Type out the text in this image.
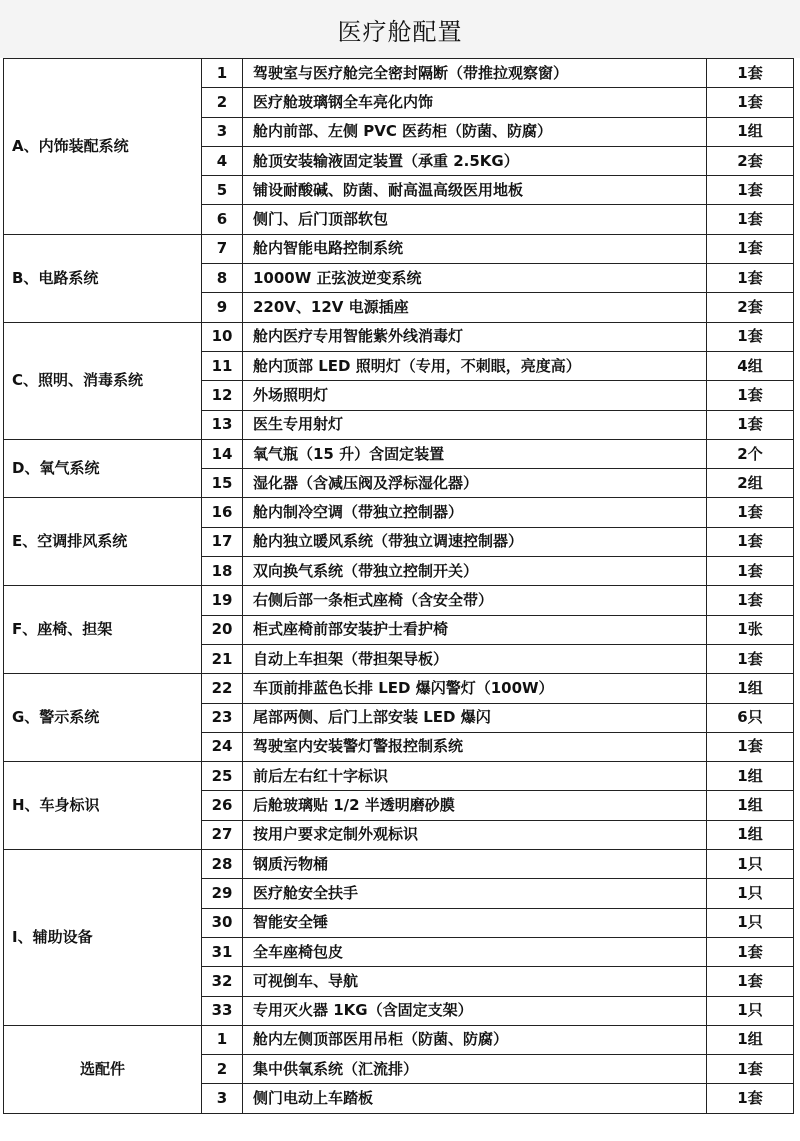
医疗舱配置
A、内饰装配系统	1	驾驶室与医疗舱完全密封隔断（带推拉观察窗）	1套
	2	医疗舱玻璃钢全车亮化内饰	1套
	3	舱内前部、左侧 PVC 医药柜（防菌、防腐）	1组
	4	舱顶安装输液固定装置（承重 2.5KG）	2套
	5	铺设耐酸碱、防菌、耐高温高级医用地板	1套
	6	侧门、后门顶部软包	1套
B、电路系统	7	舱内智能电路控制系统	1套
	8	1000W 正弦波逆变系统	1套
	9	220V、12V 电源插座	2套
C、照明、消毒系统	10	舱内医疗专用智能紫外线消毒灯	1套
	11	舱内顶部 LED 照明灯（专用，不刺眼，亮度高）	4组
	12	外场照明灯	1套
	13	医生专用射灯	1套
D、氧气系统	14	氧气瓶（15 升）含固定装置	2个
	15	湿化器（含减压阀及浮标湿化器）	2组
E、空调排风系统	16	舱内制冷空调（带独立控制器）	1套
	17	舱内独立暖风系统（带独立调速控制器）	1套
	18	双向换气系统（带独立控制开关）	1套
F、座椅、担架	19	右侧后部一条柜式座椅（含安全带）	1套
	20	柜式座椅前部安装护士看护椅	1张
	21	自动上车担架（带担架导板）	1套
G、警示系统	22	车顶前排蓝色长排 LED 爆闪警灯（100W）	1组
	23	尾部两侧、后门上部安装 LED 爆闪	6只
	24	驾驶室内安装警灯警报控制系统	1套
H、车身标识	25	前后左右红十字标识	1组
	26	后舱玻璃贴 1/2 半透明磨砂膜	1组
	27	按用户要求定制外观标识	1组
I、辅助设备	28	钢质污物桶	1只
	29	医疗舱安全扶手	1只
	30	智能安全锤	1只
	31	全车座椅包皮	1套
	32	可视倒车、导航	1套
	33	专用灭火器 1KG（含固定支架）	1只
选配件	1	舱内左侧顶部医用吊柜（防菌、防腐）	1组
	2	集中供氧系统（汇流排）	1套
	3	侧门电动上车踏板	1套
